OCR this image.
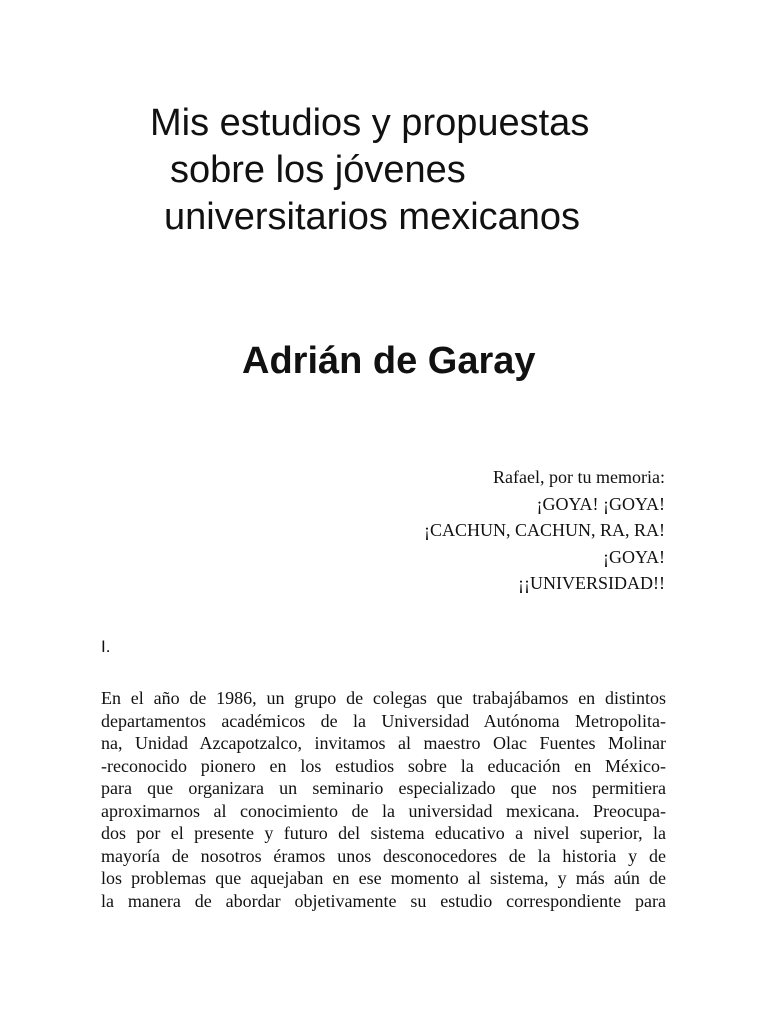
Mis estudios y propuestas
sobre los jóvenes
universitarios mexicanos
Adrián de Garay
Rafael, por tu memoria:
¡GOYA! ¡GOYA!
¡CACHUN, CACHUN, RA, RA!
¡GOYA!
¡¡UNIVERSIDAD!!
I.
En el año de 1986, un grupo de colegas que trabajábamos en distintos
departamentos académicos de la Universidad Autónoma Metropolita-
na, Unidad Azcapotzalco, invitamos al maestro Olac Fuentes Molinar
-reconocido pionero en los estudios sobre la educación en México-
para que organizara un seminario especializado que nos permitiera
aproximarnos al conocimiento de la universidad mexicana. Preocupa-
dos por el presente y futuro del sistema educativo a nivel superior, la
mayoría de nosotros éramos unos desconocedores de la historia y de
los problemas que aquejaban en ese momento al sistema, y más aún de
la manera de abordar objetivamente su estudio correspondiente para
